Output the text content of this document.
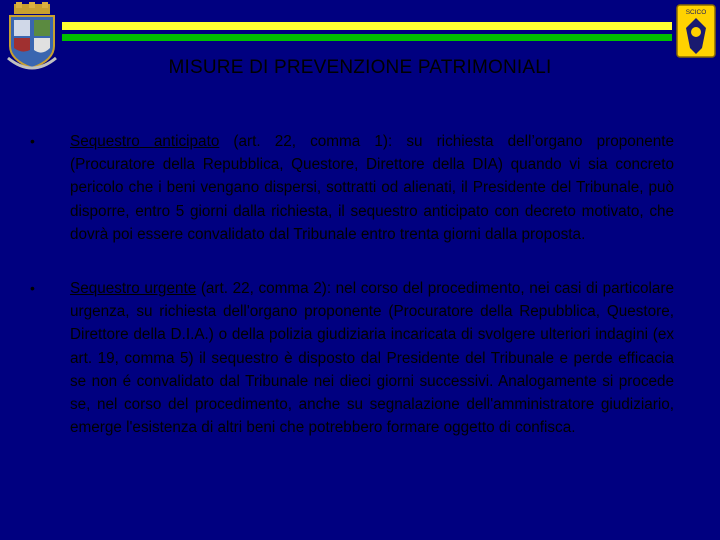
SCICO
MISURE DI PREVENZIONE PATRIMONIALI
•	Sequestro anticipato (art. 22, comma 1): su richiesta dell’organo proponente (Procuratore della Repubblica, Questore, Direttore della DIA) quando vi sia concreto pericolo che i beni vengano dispersi, sottratti od alienati, il Presidente del Tribunale, può disporre, entro 5 giorni dalla richiesta, il sequestro anticipato con decreto motivato, che dovrà poi essere convalidato dal Tribunale entro trenta giorni dalla proposta.
•	Sequestro urgente (art. 22, comma 2): nel corso del procedimento, nei casi di particolare urgenza, su richiesta dell'organo proponente (Procuratore della Repubblica, Questore, Direttore della D.I.A.) o della polizia giudiziaria incaricata di svolgere ulteriori indagini (ex art. 19, comma 5) il sequestro è disposto dal Presidente del Tribunale e perde efficacia se non é convalidato dal Tribunale nei dieci giorni successivi. Analogamente si procede se, nel corso del procedimento, anche su segnalazione dell'amministratore giudiziario, emerge l'esistenza di altri beni che potrebbero formare oggetto di confisca.
